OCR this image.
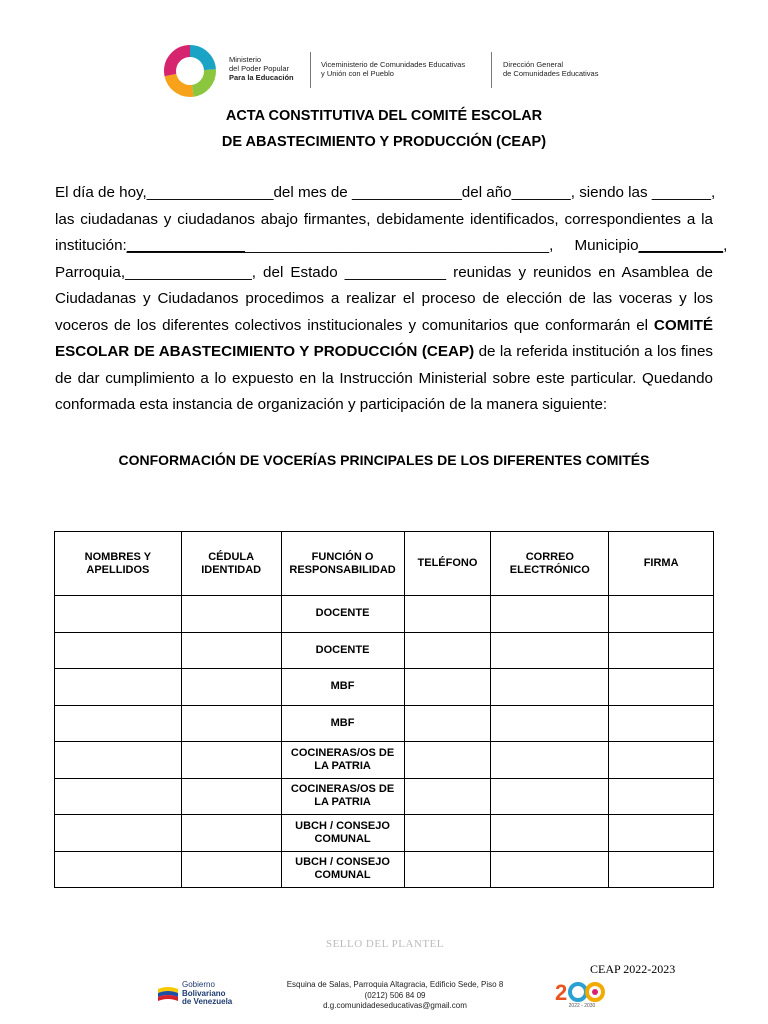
Ministerio
del Poder Popular
Para la Educación
Viceministerio de Comunidades Educativas
y Unión con el Pueblo
Dirección General
de Comunidades Educativas
ACTA CONSTITUTIVA DEL COMITÉ ESCOLAR
DE ABASTECIMIENTO Y PRODUCCIÓN (CEAP)
El día de hoy,_______________del mes de _____________del año_______, siendo las _______,
las ciudadanas y ciudadanos abajo firmantes, debidamente identificados, correspondientes a la
institución:__________________________________________________, Municipio__________,
Parroquia,_______________, del Estado ____________ reunidas y reunidos en Asamblea de
Ciudadanas y Ciudadanos procedimos a realizar el proceso de elección de las voceras y los
voceros de los diferentes colectivos institucionales y comunitarios que conformarán el COMITÉ
ESCOLAR DE ABASTECIMIENTO Y PRODUCCIÓN (CEAP) de la referida institución a los fines
de dar cumplimiento a lo expuesto en la Instrucción Ministerial sobre este particular. Quedando
conformada esta instancia de organización y participación de la manera siguiente:
CONFORMACIÓN DE VOCERÍAS PRINCIPALES DE LOS DIFERENTES COMITÉS
NOMBRES Y APELLIDOS	CÉDULA IDENTIDAD	FUNCIÓN O RESPONSABILIDAD	TELÉFONO	CORREO ELECTRÓNICO	FIRMA
		DOCENTE			
		DOCENTE			
		MBF			
		MBF			
		COCINERAS/OS DE LA PATRIA			
		COCINERAS/OS DE LA PATRIA			
		UBCH / CONSEJO COMUNAL			
		UBCH / CONSEJO COMUNAL			
SELLO DEL PLANTEL
Gobierno
Bolivariano
de Venezuela
Esquina de Salas, Parroquia Altagracia, Edificio Sede, Piso 8
(0212) 506 84 09
d.g.comunidadeseducativas@gmail.com
CEAP 2022-2023
2
2022 - 2030
